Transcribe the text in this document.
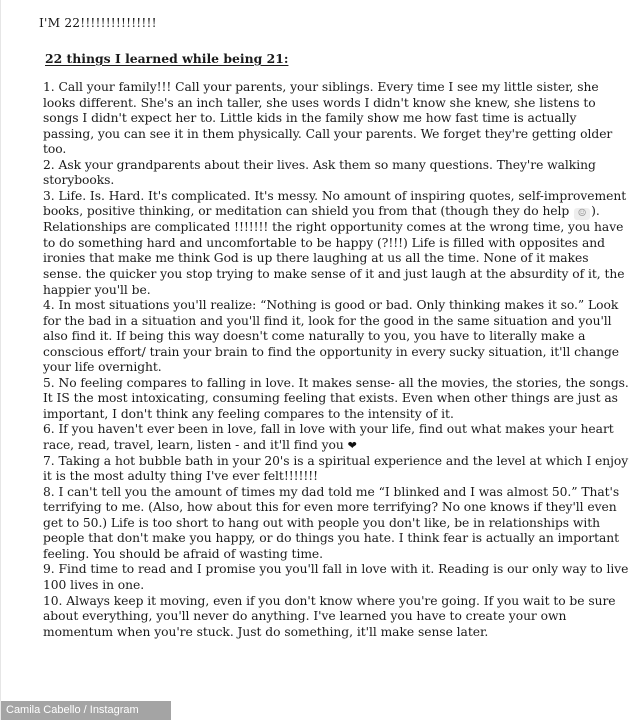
I'M 22!!!!!!!!!!!!!!!
22 things I learned while being 21:

1. Call your family!!! Call your parents, your siblings. Every time I see my little sister, she looks different. She's an inch taller, she uses words I didn't know she knew, she listens to songs I didn't expect her to. Little kids in the family show me how fast time is actually passing, you can see it in them physically. Call your parents. We forget they're getting older too.

2. Ask your grandparents about their lives. Ask them so many questions. They're walking storybooks.

3. Life. Is. Hard. It's complicated. It's messy. No amount of inspiring quotes, self-improvement books, positive thinking, or meditation can shield you from that (though they do help ☺ ). Relationships are complicated !!!!!!! the right opportunity comes at the wrong time, you have to do something hard and uncomfortable to be happy (?!!!) Life is filled with opposites and ironies that make me think God is up there laughing at us all the time. None of it makes sense. the quicker you stop trying to make sense of it and just laugh at the absurdity of it, the happier you'll be.

4. In most situations you'll realize: “Nothing is good or bad. Only thinking makes it so.” Look for the bad in a situation and you'll find it, look for the good in the same situation and you'll also find it. If being this way doesn't come naturally to you, you have to literally make a conscious effort/ train your brain to find the opportunity in every sucky situation, it'll change your life overnight.

5. No feeling compares to falling in love. It makes sense- all the movies, the stories, the songs. It IS the most intoxicating, consuming feeling that exists. Even when other things are just as important, I don't think any feeling compares to the intensity of it.

6. If you haven't ever been in love, fall in love with your life, find out what makes your heart race, read, travel, learn, listen - and it'll find you ❤

7. Taking a hot bubble bath in your 20's is a spiritual experience and the level at which I enjoy it is the most adulty thing I've ever felt!!!!!!!

8. I can't tell you the amount of times my dad told me “I blinked and I was almost 50.” That's terrifying to me. (Also, how about this for even more terrifying? No one knows if they'll even get to 50.) Life is too short to hang out with people you don't like, be in relationships with people that don't make you happy, or do things you hate. I think fear is actually an important feeling. You should be afraid of wasting time.

9. Find time to read and I promise you you'll fall in love with it. Reading is our only way to live 100 lives in one.

10. Always keep it moving, even if you don't know where you're going. If you wait to be sure about everything, you'll never do anything. I've learned you have to create your own momentum when you're stuck. Just do something, it'll make sense later.

Camila Cabello / Instagram
